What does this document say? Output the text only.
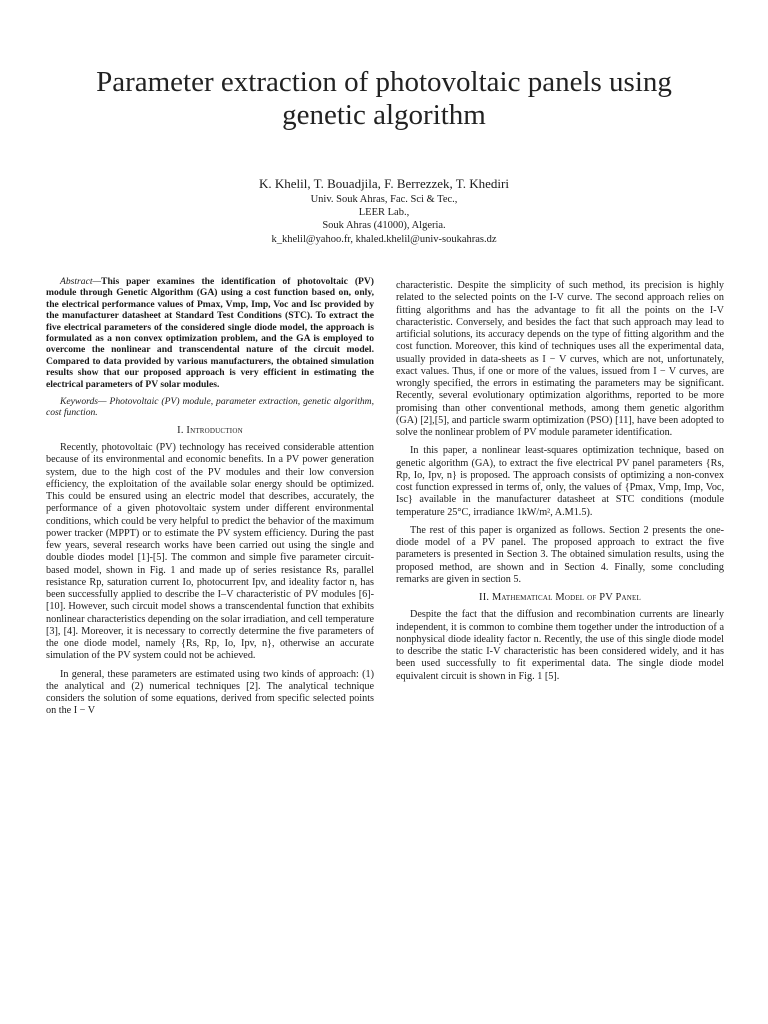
Parameter extraction of photovoltaic panels using genetic algorithm
K. Khelil, T. Bouadjila, F. Berrezzek, T. Khediri
Univ. Souk Ahras, Fac. Sci & Tec.,
LEER Lab.,
Souk Ahras (41000), Algeria.
k_khelil@yahoo.fr, khaled.khelil@univ-soukahras.dz

Abstract—This paper examines the identification of photovoltaic (PV) module through Genetic Algorithm (GA) using a cost function based on, only, the electrical performance values of Pmax, Vmp, Imp, Voc and Isc provided by the manufacturer datasheet at Standard Test Conditions (STC). To extract the five electrical parameters of the considered single diode model, the approach is formulated as a non convex optimization problem, and the GA is employed to overcome the nonlinear and transcendental nature of the circuit model. Compared to data provided by various manufacturers, the obtained simulation results show that our proposed approach is very efficient in estimating the electrical parameters of PV solar modules.

Keywords— Photovoltaic (PV) module, parameter extraction, genetic algorithm, cost function.

I. Introduction

Recently, photovoltaic (PV) technology has received considerable attention because of its environmental and economic benefits. In a PV power generation system, due to the high cost of the PV modules and their low conversion efficiency, the exploitation of the available solar energy should be optimized. This could be ensured using an electric model that describes, accurately, the performance of a given photovoltaic system under different environmental conditions, which could be very helpful to predict the behavior of the maximum power tracker (MPPT) or to estimate the PV system efficiency. During the past few years, several research works have been carried out using the single and double diodes model [1]-[5]. The common and simple five parameter circuit-based model, shown in Fig. 1 and made up of series resistance Rs, parallel resistance Rp, saturation current Io, photocurrent Ipv, and ideality factor n, has been successfully applied to describe the I–V characteristic of PV modules [6]-[10]. However, such circuit model shows a transcendental function that exhibits nonlinear characteristics depending on the solar irradiation, and cell temperature [3], [4]. Moreover, it is necessary to correctly determine the five parameters of the one diode model, namely {Rs, Rp, Io, Ipv, n}, otherwise an accurate simulation of the PV system could not be achieved.

In general, these parameters are estimated using two kinds of approach: (1) the analytical and (2) numerical techniques [2]. The analytical technique considers the solution of some equations, derived from specific selected points on the I − V

characteristic. Despite the simplicity of such method, its precision is highly related to the selected points on the I-V curve. The second approach relies on fitting algorithms and has the advantage to fit all the points on the I-V characteristic. Conversely, and besides the fact that such approach may lead to artificial solutions, its accuracy depends on the type of fitting algorithm and the cost function. Moreover, this kind of techniques uses all the experimental data, usually provided in data-sheets as I − V curves, which are not, unfortunately, exact values. Thus, if one or more of the values, issued from I − V curves, are wrongly specified, the errors in estimating the parameters may be significant. Recently, several evolutionary optimization algorithms, reported to be more promising than other conventional methods, among them genetic algorithm (GA) [2],[5], and particle swarm optimization (PSO) [11], have been adopted to solve the nonlinear problem of PV module parameter identification.

In this paper, a nonlinear least-squares optimization technique, based on genetic algorithm (GA), to extract the five electrical PV panel parameters {Rs, Rp, Io, Ipv, n} is proposed. The approach consists of optimizing a non-convex cost function expressed in terms of, only, the values of {Pmax, Vmp, Imp, Voc, Isc} available in the manufacturer datasheet at STC conditions (module temperature 25°C, irradiance 1kW/m², A.M1.5).

The rest of this paper is organized as follows. Section 2 presents the one-diode model of a PV panel. The proposed approach to extract the five parameters is presented in Section 3. The obtained simulation results, using the proposed method, are shown and in Section 4. Finally, some concluding remarks are given in section 5.

II. Mathematical Model of PV Panel

Despite the fact that the diffusion and recombination currents are linearly independent, it is common to combine them together under the introduction of a nonphysical diode ideality factor n. Recently, the use of this single diode model to describe the static I-V characteristic has been considered widely, and it has been used successfully to fit experimental data. The single diode model equivalent circuit is shown in Fig. 1 [5].
